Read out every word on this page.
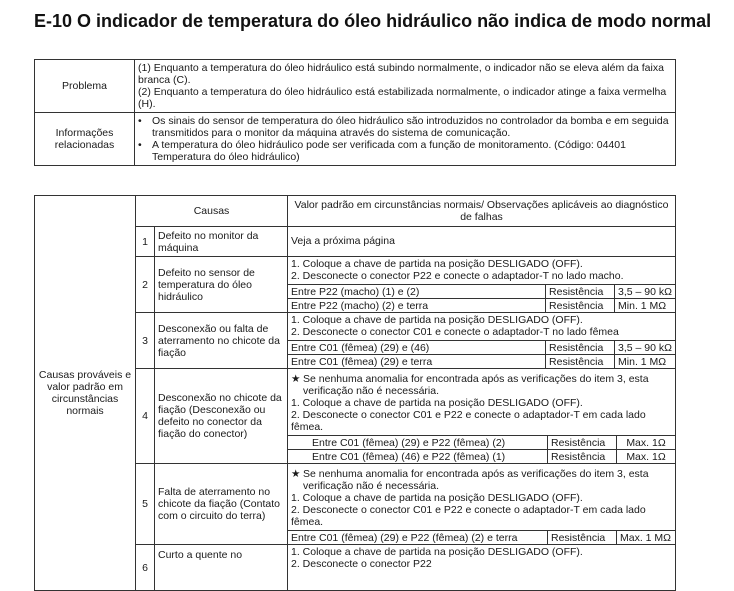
E-10 O indicador de temperatura do óleo hidráulico não indica de modo normal
Problema	(1) Enquanto a temperatura do óleo hidráulico está subindo normalmente, o indicador não se eleva além da faixa branca (C).
(2) Enquanto a temperatura do óleo hidráulico está estabilizada normalmente, o indicador atinge a faixa vermelha (H).

Informações relacionadas	• Os sinais do sensor de temperatura do óleo hidráulico são introduzidos no controlador da bomba e em seguida transmitidos para o monitor da máquina através do sistema de comunicação.
• A temperatura do óleo hidráulico pode ser verificada com a função de monitoramento. (Código: 04401 Temperatura do óleo hidráulico)
Causas prováveis e valor padrão em circunstâncias normais	Causas	Valor padrão em circunstâncias normais/ Observações aplicáveis ao diagnóstico de falhas
1	Defeito no monitor da máquina	
Veja a próxima página

2	Defeito no sensor de temperatura do óleo hidráulico	
1. Coloque a chave de partida na posição DESLIGADO (OFF).
2. Desconecte o conector P22 e conecte o adaptador-T no lado macho.
Entre P22 (macho) (1) e (2)	Resistência	3,5 – 90 kΩ
Entre P22 (macho) (2) e terra	Resistência	Min. 1 MΩ

3	Desconexão ou falta de aterramento no chicote da fiação	
1. Coloque a chave de partida na posição DESLIGADO (OFF).
2. Desconecte o conector C01 e conecte o adaptador-T no lado fêmea
Entre C01 (fêmea) (29) e (46)	Resistência	3,5 – 90 kΩ
Entre C01 (fêmea) (29) e terra	Resistência	Min. 1 MΩ

4	Desconexão no chicote da fiação (Desconexão ou defeito no conector da fiação do conector)	
★ Se nenhuma anomalia for encontrada após as verificações do item 3, esta verificação não é necessária.
1. Coloque a chave de partida na posição DESLIGADO (OFF).
2. Desconecte o conector C01 e P22 e conecte o adaptador-T em cada lado fêmea.
Entre C01 (fêmea) (29) e P22 (fêmea) (2)	Resistência	Max. 1Ω
Entre C01 (fêmea) (46) e P22 (fêmea) (1)	Resistência	Max. 1Ω

5	Falta de aterramento no chicote da fiação (Contato com o circuito do terra)	
★ Se nenhuma anomalia for encontrada após as verificações do item 3, esta verificação não é necessária.
1. Coloque a chave de partida na posição DESLIGADO (OFF).
2. Desconecte o conector C01 e P22 e conecte o adaptador-T em cada lado fêmea.
Entre C01 (fêmea) (29) e P22 (fêmea) (2) e terra	Resistência	Max. 1 MΩ

6	Curto a quente no	1. Coloque a chave de partida na posição DESLIGADO (OFF).
2. Desconecte o conector P22
